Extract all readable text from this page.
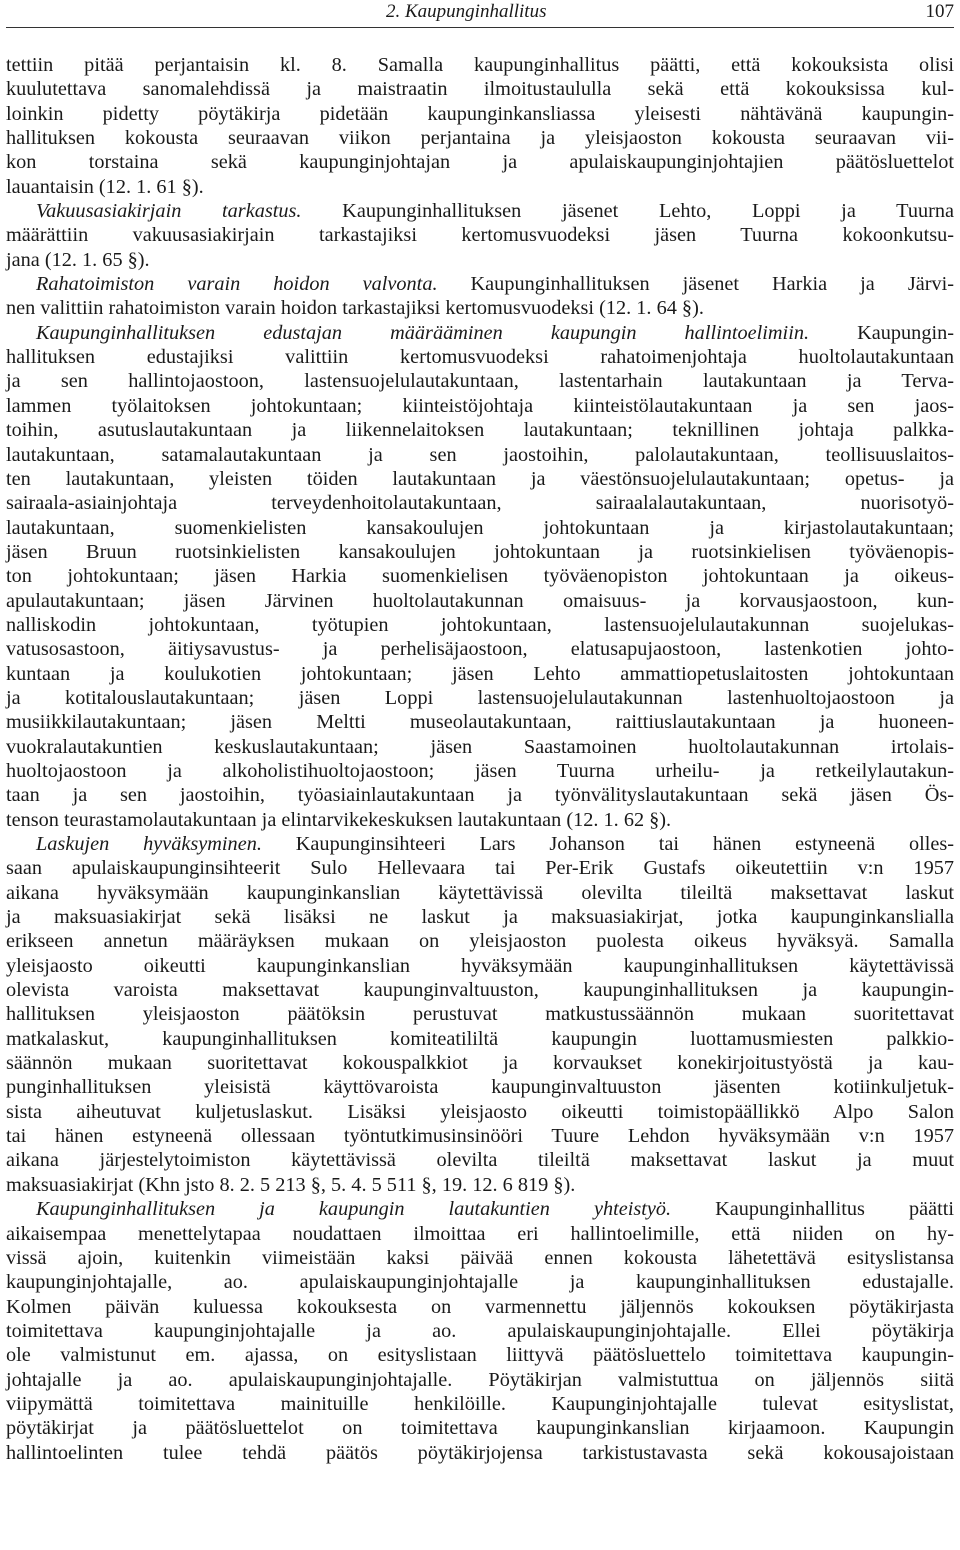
2. Kaupunginhallitus	107
tettiin pitää perjantaisin kl. 8. Samalla kaupunginhallitus päätti, että kokouksista olisi
kuulutettava sanomalehdissä ja maistraatin ilmoitustaululla sekä että kokouksissa kul-
loinkin pidetty pöytäkirja pidetään kaupunginkansliassa yleisesti nähtävänä kaupungin-
hallituksen kokousta seuraavan viikon perjantaina ja yleisjaoston kokousta seuraavan vii-
kon torstaina sekä kaupunginjohtajan ja apulaiskaupunginjohtajien päätösluettelot
lauantaisin (12. 1. 61 §).
Vakuusasiakirjain tarkastus. Kaupunginhallituksen jäsenet Lehto, Loppi ja Tuurna
määrättiin vakuusasiakirjain tarkastajiksi kertomusvuodeksi jäsen Tuurna kokoonkutsu-
jana (12. 1. 65 §).
Rahatoimiston varain hoidon valvonta. Kaupunginhallituksen jäsenet Harkia ja Järvi-
nen valittiin rahatoimiston varain hoidon tarkastajiksi kertomusvuodeksi (12. 1. 64 §).
Kaupunginhallituksen edustajan määrääminen kaupungin hallintoelimiin. Kaupungin-
hallituksen edustajiksi valittiin kertomusvuodeksi rahatoimenjohtaja huoltolautakuntaan
ja sen hallintojaostoon, lastensuojelulautakuntaan, lastentarhain lautakuntaan ja Terva-
lammen työlaitoksen johtokuntaan; kiinteistöjohtaja kiinteistölautakuntaan ja sen jaos-
toihin, asutuslautakuntaan ja liikennelaitoksen lautakuntaan; teknillinen johtaja palkka-
lautakuntaan, satamalautakuntaan ja sen jaostoihin, palolautakuntaan, teollisuuslaitos-
ten lautakuntaan, yleisten töiden lautakuntaan ja väestönsuojelulautakuntaan; opetus- ja
sairaala-asiainjohtaja terveydenhoitolautakuntaan, sairaalalautakuntaan, nuorisotyö-
lautakuntaan, suomenkielisten kansakoulujen johtokuntaan ja kirjastolautakuntaan;
jäsen Bruun ruotsinkielisten kansakoulujen johtokuntaan ja ruotsinkielisen työväenopis-
ton johtokuntaan; jäsen Harkia suomenkielisen työväenopiston johtokuntaan ja oikeus-
apulautakuntaan; jäsen Järvinen huoltolautakunnan omaisuus- ja korvausjaostoon, kun-
nalliskodin johtokuntaan, työtupien johtokuntaan, lastensuojelulautakunnan suojelukas-
vatusosastoon, äitiysavustus- ja perhelisäjaostoon, elatusapujaostoon, lastenkotien johto-
kuntaan ja koulukotien johtokuntaan; jäsen Lehto ammattiopetuslaitosten johtokuntaan
ja kotitalouslautakuntaan; jäsen Loppi lastensuojelulautakunnan lastenhuoltojaostoon ja
musiikkilautakuntaan; jäsen Meltti museolautakuntaan, raittiuslautakuntaan ja huoneen-
vuokralautakuntien keskuslautakuntaan; jäsen Saastamoinen huoltolautakunnan irtolais-
huoltojaostoon ja alkoholistihuoltojaostoon; jäsen Tuurna urheilu- ja retkeilylautakun-
taan ja sen jaostoihin, työasiainlautakuntaan ja työnvälityslautakuntaan sekä jäsen Ös-
tenson teurastamolautakuntaan ja elintarvikekeskuksen lautakuntaan (12. 1. 62 §).
Laskujen hyväksyminen. Kaupunginsihteeri Lars Johanson tai hänen estyneenä olles-
saan apulaiskaupunginsihteerit Sulo Hellevaara tai Per-Erik Gustafs oikeutettiin v:n 1957
aikana hyväksymään kaupunginkanslian käytettävissä olevilta tileiltä maksettavat laskut
ja maksuasiakirjat sekä lisäksi ne laskut ja maksuasiakirjat, jotka kaupunginkanslialla
erikseen annetun määräyksen mukaan on yleisjaoston puolesta oikeus hyväksyä. Samalla
yleisjaosto oikeutti kaupunginkanslian hyväksymään kaupunginhallituksen käytettävissä
olevista varoista maksettavat kaupunginvaltuuston, kaupunginhallituksen ja kaupungin-
hallituksen yleisjaoston päätöksin perustuvat matkustussäännön mukaan suoritettavat
matkalaskut, kaupunginhallituksen komiteatililtä kaupungin luottamusmiesten palkkio-
säännön mukaan suoritettavat kokouspalkkiot ja korvaukset konekirjoitustyöstä ja kau-
punginhallituksen yleisistä käyttövaroista kaupunginvaltuuston jäsenten kotiinkuljetuk-
sista aiheutuvat kuljetuslaskut. Lisäksi yleisjaosto oikeutti toimistopäällikkö Alpo Salon
tai hänen estyneenä ollessaan työntutkimusinsinööri Tuure Lehdon hyväksymään v:n 1957
aikana järjestelytoimiston käytettävissä olevilta tileiltä maksettavat laskut ja muut
maksuasiakirjat (Khn jsto 8. 2. 5 213 §, 5. 4. 5 511 §, 19. 12. 6 819 §).
Kaupunginhallituksen ja kaupungin lautakuntien yhteistyö. Kaupunginhallitus päätti
aikaisempaa menettelytapaa noudattaen ilmoittaa eri hallintoelimille, että niiden on hy-
vissä ajoin, kuitenkin viimeistään kaksi päivää ennen kokousta lähetettävä esityslistansa
kaupunginjohtajalle, ao. apulaiskaupunginjohtajalle ja kaupunginhallituksen edustajalle.
Kolmen päivän kuluessa kokouksesta on varmennettu jäljennös kokouksen pöytäkirjasta
toimitettava kaupunginjohtajalle ja ao. apulaiskaupunginjohtajalle. Ellei pöytäkirja
ole valmistunut em. ajassa, on esityslistaan liittyvä päätösluettelo toimitettava kaupungin-
johtajalle ja ao. apulaiskaupunginjohtajalle. Pöytäkirjan valmistuttua on jäljennös siitä
viipymättä toimitettava mainituille henkilöille. Kaupunginjohtajalle tulevat esityslistat,
pöytäkirjat ja päätösluettelot on toimitettava kaupunginkanslian kirjaamoon. Kaupungin
hallintoelinten tulee tehdä päätös pöytäkirjojensa tarkistustavasta sekä kokousajoistaan
